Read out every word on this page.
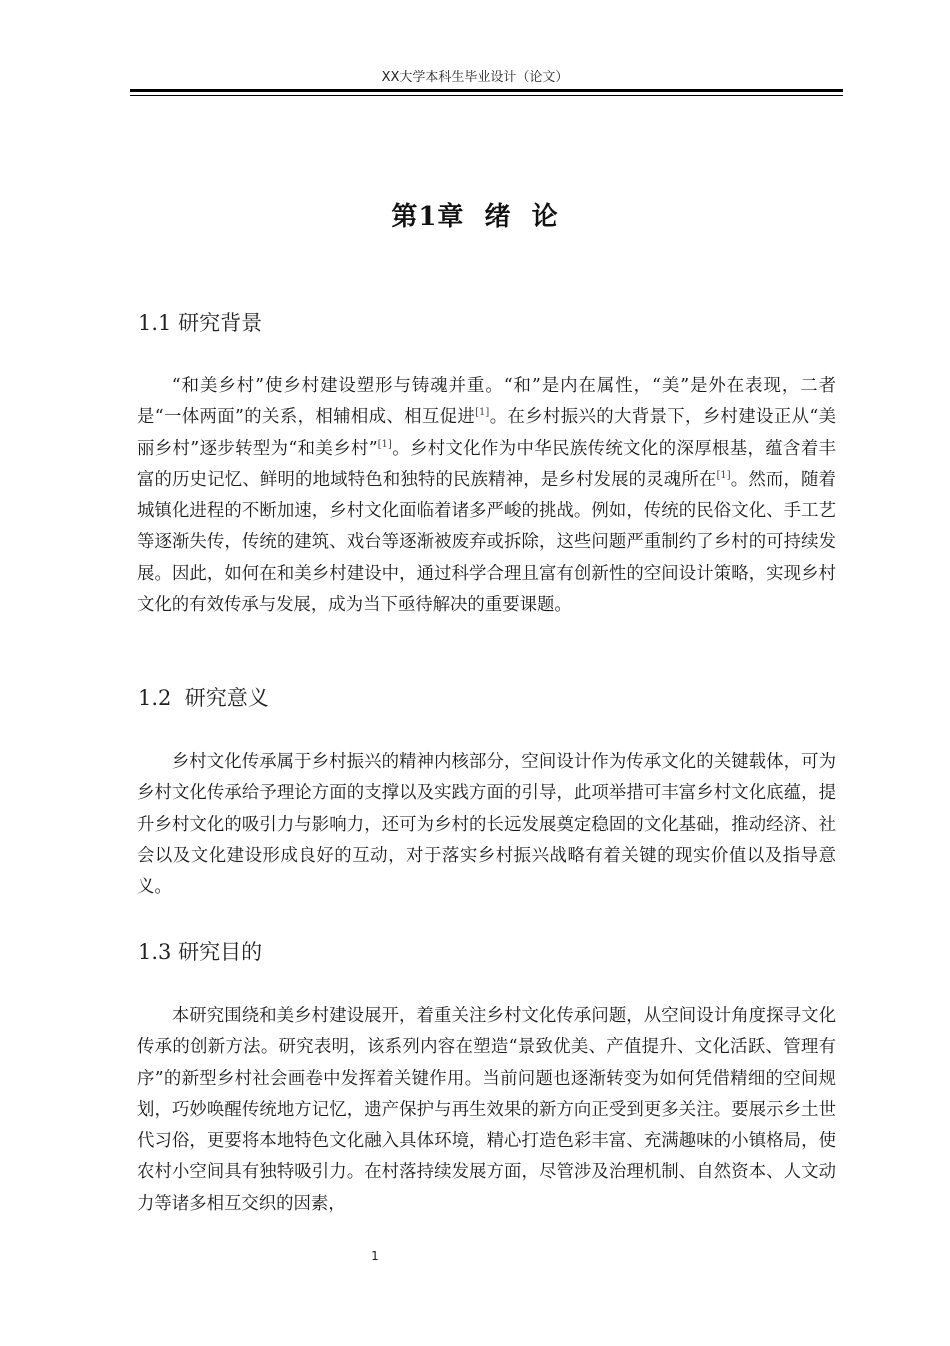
XX大学本科生毕业设计（论文）
第1章  绪  论
1.1 研究背景

“和美乡村”使乡村建设塑形与铸魂并重。“和”是内在属性，“美”是外在表现，二者是“一体两面”的关系，相辅相成、相互促进[1]。在乡村振兴的大背景下，乡村建设正从“美丽乡村”逐步转型为“和美乡村”[1]。乡村文化作为中华民族传统文化的深厚根基，蕴含着丰富的历史记忆、鲜明的地域特色和独特的民族精神，是乡村发展的灵魂所在[1]。然而，随着城镇化进程的不断加速，乡村文化面临着诸多严峻的挑战。例如，传统的民俗文化、手工艺等逐渐失传，传统的建筑、戏台等逐渐被废弃或拆除，这些问题严重制约了乡村的可持续发展。因此，如何在和美乡村建设中，通过科学合理且富有创新性的空间设计策略，实现乡村文化的有效传承与发展，成为当下亟待解决的重要课题。

1.2  研究意义

乡村文化传承属于乡村振兴的精神内核部分，空间设计作为传承文化的关键载体，可为乡村文化传承给予理论方面的支撑以及实践方面的引导，此项举措可丰富乡村文化底蕴，提升乡村文化的吸引力与影响力，还可为乡村的长远发展奠定稳固的文化基础，推动经济、社会以及文化建设形成良好的互动，对于落实乡村振兴战略有着关键的现实价值以及指导意义。

1.3 研究目的

本研究围绕和美乡村建设展开，着重关注乡村文化传承问题，从空间设计角度探寻文化传承的创新方法。研究表明，该系列内容在塑造“景致优美、产值提升、文化活跃、管理有序”的新型乡村社会画卷中发挥着关键作用。当前问题也逐渐转变为如何凭借精细的空间规划，巧妙唤醒传统地方记忆，遗产保护与再生效果的新方向正受到更多关注。要展示乡土世代习俗，更要将本地特色文化融入具体环境，精心打造色彩丰富、充满趣味的小镇格局，使农村小空间具有独特吸引力。在村落持续发展方面，尽管涉及治理机制、自然资本、人文动力等诸多相互交织的因素，

1
